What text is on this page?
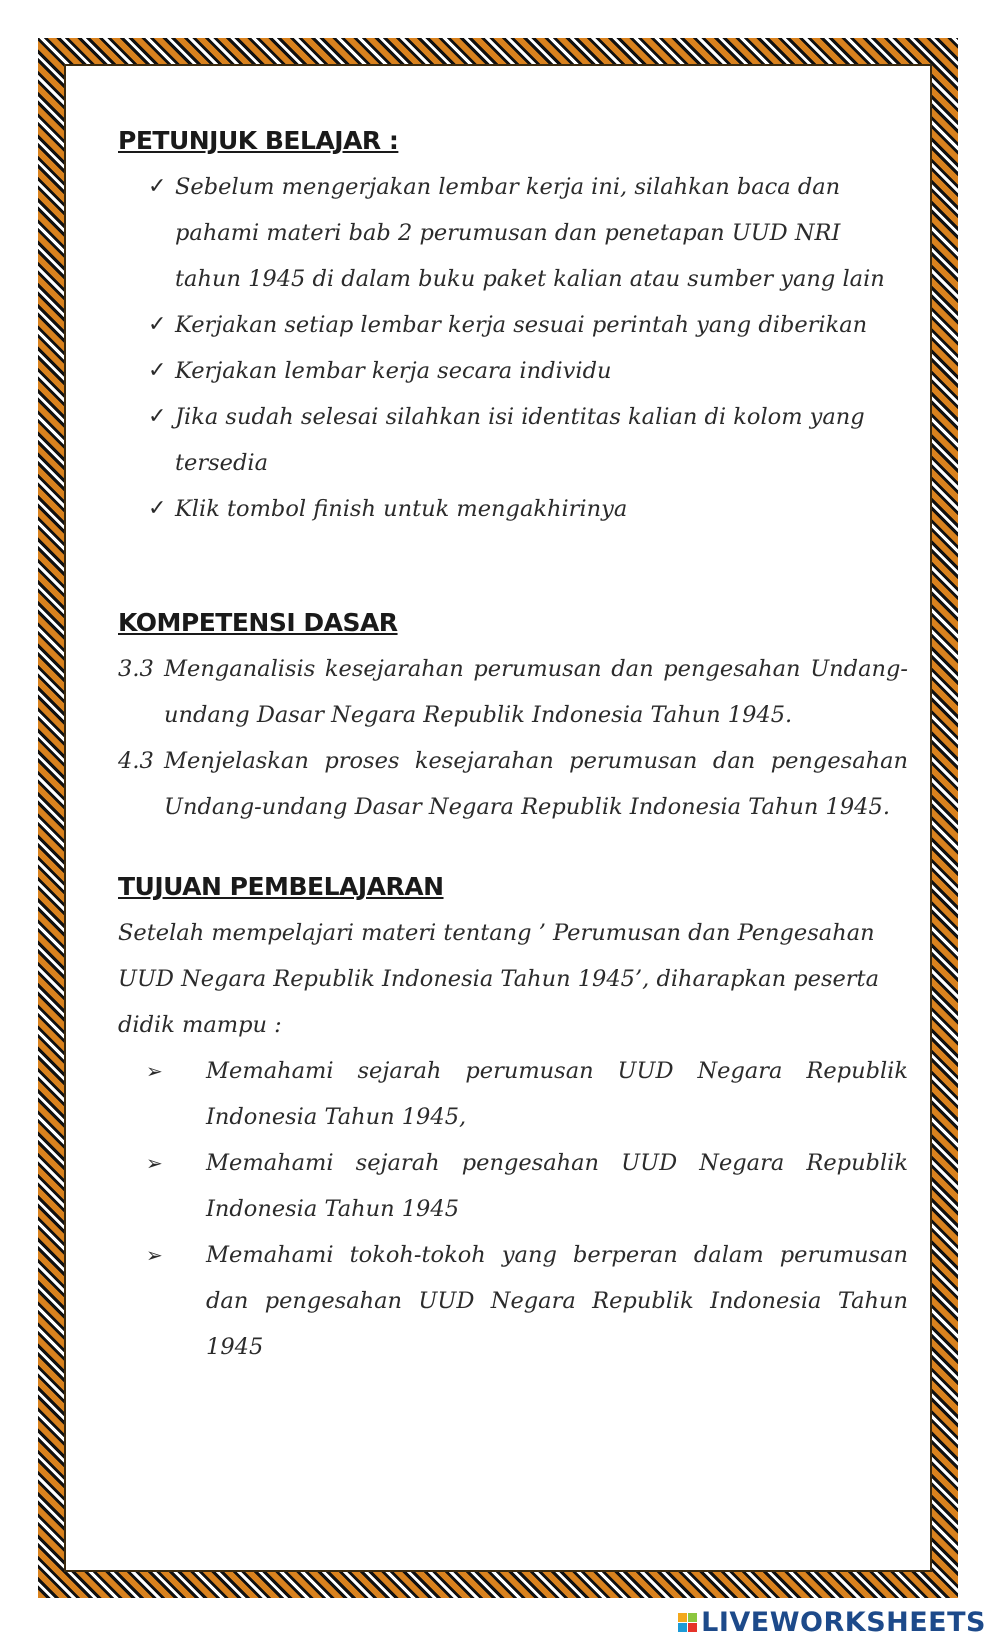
PETUNJUK BELAJAR :
✓ Sebelum mengerjakan lembar kerja ini, silahkan baca dan pahami materi bab 2 perumusan dan penetapan UUD NRI tahun 1945 di dalam buku paket kalian atau sumber yang lain
✓ Kerjakan setiap lembar kerja sesuai perintah yang diberikan
✓ Kerjakan lembar kerja secara individu
✓ Jika sudah selesai silahkan isi identitas kalian di kolom yang tersedia
✓ Klik tombol finish untuk mengakhirinya
KOMPETENSI DASAR
3.3 Menganalisis kesejarahan perumusan dan pengesahan Undang-undang Dasar Negara Republik Indonesia Tahun 1945.
4.3 Menjelaskan proses kesejarahan perumusan dan pengesahan Undang-undang Dasar Negara Republik Indonesia Tahun 1945.
TUJUAN PEMBELAJARAN

Setelah mempelajari materi tentang ’ Perumusan dan Pengesahan UUD Negara Republik Indonesia Tahun 1945’, diharapkan peserta didik mampu :

➢ Memahami sejarah perumusan UUD Negara Republik Indonesia Tahun 1945,
➢ Memahami sejarah pengesahan UUD Negara Republik Indonesia Tahun 1945
➢ Memahami tokoh-tokoh yang berperan dalam perumusan dan pengesahan UUD Negara Republik Indonesia Tahun 1945
LIVEWORKSHEETS
